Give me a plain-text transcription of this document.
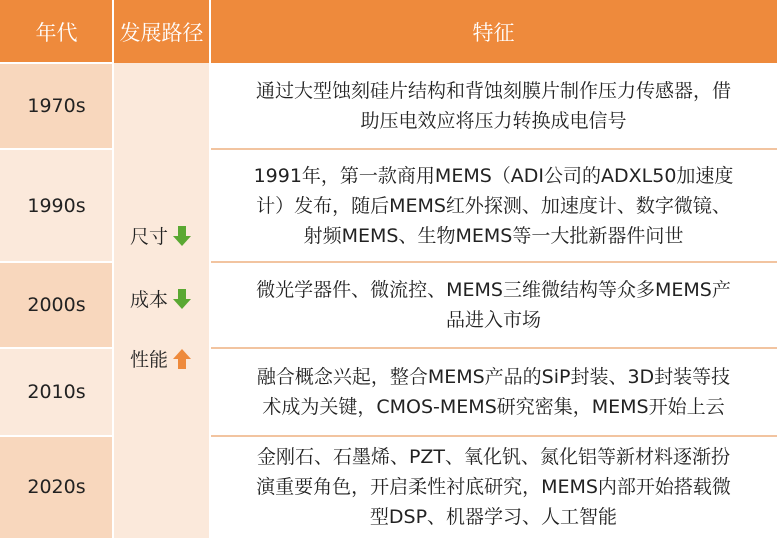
年代	发展路径	特征
1970s
1990s
2000s
2010s
2020s
通过大型蚀刻硅片结构和背蚀刻膜片制作压力传感器，借
助压电效应将压力转换成电信号
1991年，第一款商用MEMS（ADI公司的ADXL50加速度
计）发布，随后MEMS红外探测、加速度计、数字微镜、
射频MEMS、生物MEMS等一大批新器件问世
微光学器件、微流控、MEMS三维微结构等众多MEMS产
品进入市场
融合概念兴起，整合MEMS产品的SiP封装、3D封装等技
术成为关键，CMOS-MEMS研究密集，MEMS开始上云
金刚石、石墨烯、PZT、氧化钒、氮化铝等新材料逐渐扮
演重要角色，开启柔性衬底研究，MEMS内部开始搭载微
型DSP、机器学习、人工智能
尺寸
成本
性能
